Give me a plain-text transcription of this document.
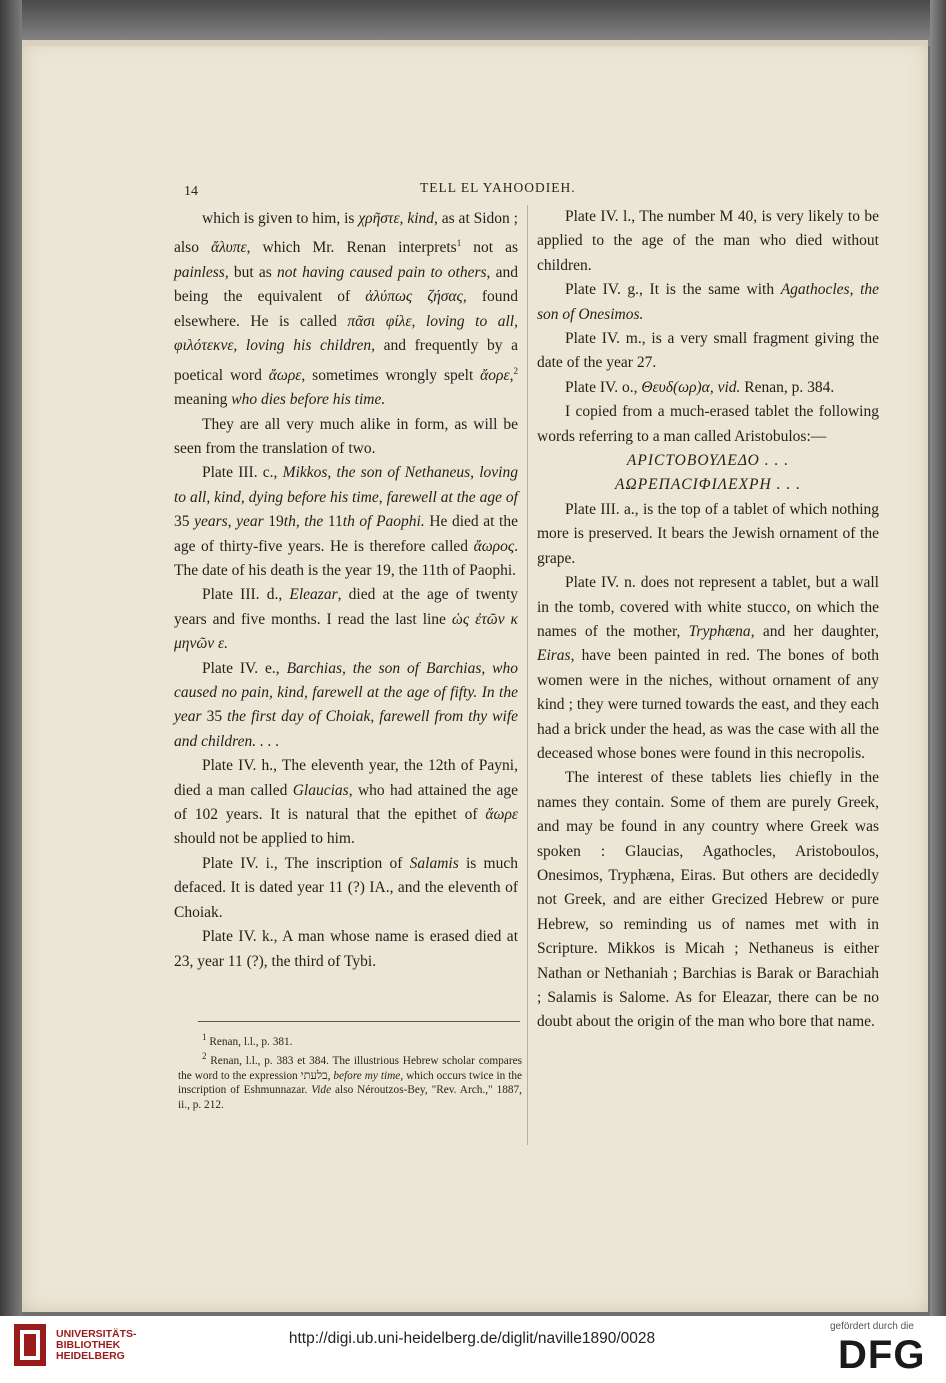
14	TELL EL YAHOODIEH.

which is given to him, is χρῆστε, kind, as at Sidon ; also ἄλυπε, which Mr. Renan interprets$^1$ not as painless, but as not having caused pain to others, and being the equivalent of ἀλύπως ζήσας, found elsewhere. He is called πᾶσι φίλε, loving to all, φιλότεκνε, loving his children, and frequently by a poetical word ἄωρε, sometimes wrongly spelt ἄορε,$^2$ meaning who dies before his time.

They are all very much alike in form, as will be seen from the translation of two.

Plate III. c., Mikkos, the son of Nethaneus, loving to all, kind, dying before his time, farewell at the age of 35 years, year 19th, the 11th of Paophi. He died at the age of thirty-five years. He is therefore called ἄωρος. The date of his death is the year 19, the 11th of Paophi.

Plate III. d., Eleazar, died at the age of twenty years and five months. I read the last line ὡς ἐτῶν κ μηνῶν ε.

Plate IV. e., Barchias, the son of Barchias, who caused no pain, kind, farewell at the age of fifty. In the year 35 the first day of Choiak, farewell from thy wife and children. . . .

Plate IV. h., The eleventh year, the 12th of Payni, died a man called Glaucias, who had attained the age of 102 years. It is natural that the epithet of ἄωρε should not be applied to him.

Plate IV. i., The inscription of Salamis is much defaced. It is dated year 11 (?) IA., and the eleventh of Choiak.

Plate IV. k., A man whose name is erased died at 23, year 11 (?), the third of Tybi.

$^1$ Renan, l.l., p. 381.

$^2$ Renan, l.l., p. 383 et 384. The illustrious Hebrew scholar compares the word to the expression בלעתי, before my time, which occurs twice in the inscription of Eshmunnazar. Vide also Néroutzos-Bey, "Rev. Arch.," 1887, ii., p. 212.

Plate IV. l., The number M 40, is very likely to be applied to the age of the man who died without children.

Plate IV. g., It is the same with Agathocles, the son of Onesimos.

Plate IV. m., is a very small fragment giving the date of the year 27.

Plate IV. o., Θευδ(ωρ)α, vid. Renan, p. 384.

I copied from a much-erased tablet the following words referring to a man called Aristobulos:—

ΑΡΙCΤΟΒΟΥΛΕΔΟ . . .

ΑΩΡΕΠΑCΙΦΙΛΕΧΡΗ . . .

Plate III. a., is the top of a tablet of which nothing more is preserved. It bears the Jewish ornament of the grape.

Plate IV. n. does not represent a tablet, but a wall in the tomb, covered with white stucco, on which the names of the mother, Tryphæna, and her daughter, Eiras, have been painted in red. The bones of both women were in the niches, without ornament of any kind ; they were turned towards the east, and they each had a brick under the head, as was the case with all the deceased whose bones were found in this necropolis.

The interest of these tablets lies chiefly in the names they contain. Some of them are purely Greek, and may be found in any country where Greek was spoken : Glaucias, Agathocles, Aristoboulos, Onesimos, Tryphæna, Eiras. But others are decidedly not Greek, and are either Grecized Hebrew or pure Hebrew, so reminding us of names met with in Scripture. Mikkos is Micah ; Nethaneus is either Nathan or Nethaniah ; Barchias is Barak or Barachiah ; Salamis is Salome. As for Eleazar, there can be no doubt about the origin of the man who bore that name.

UNIVERSITÄTS-
BIBLIOTHEK
HEIDELBERG
http://digi.ub.uni-heidelberg.de/diglit/naville1890/0028
gefördert durch die
DFG
